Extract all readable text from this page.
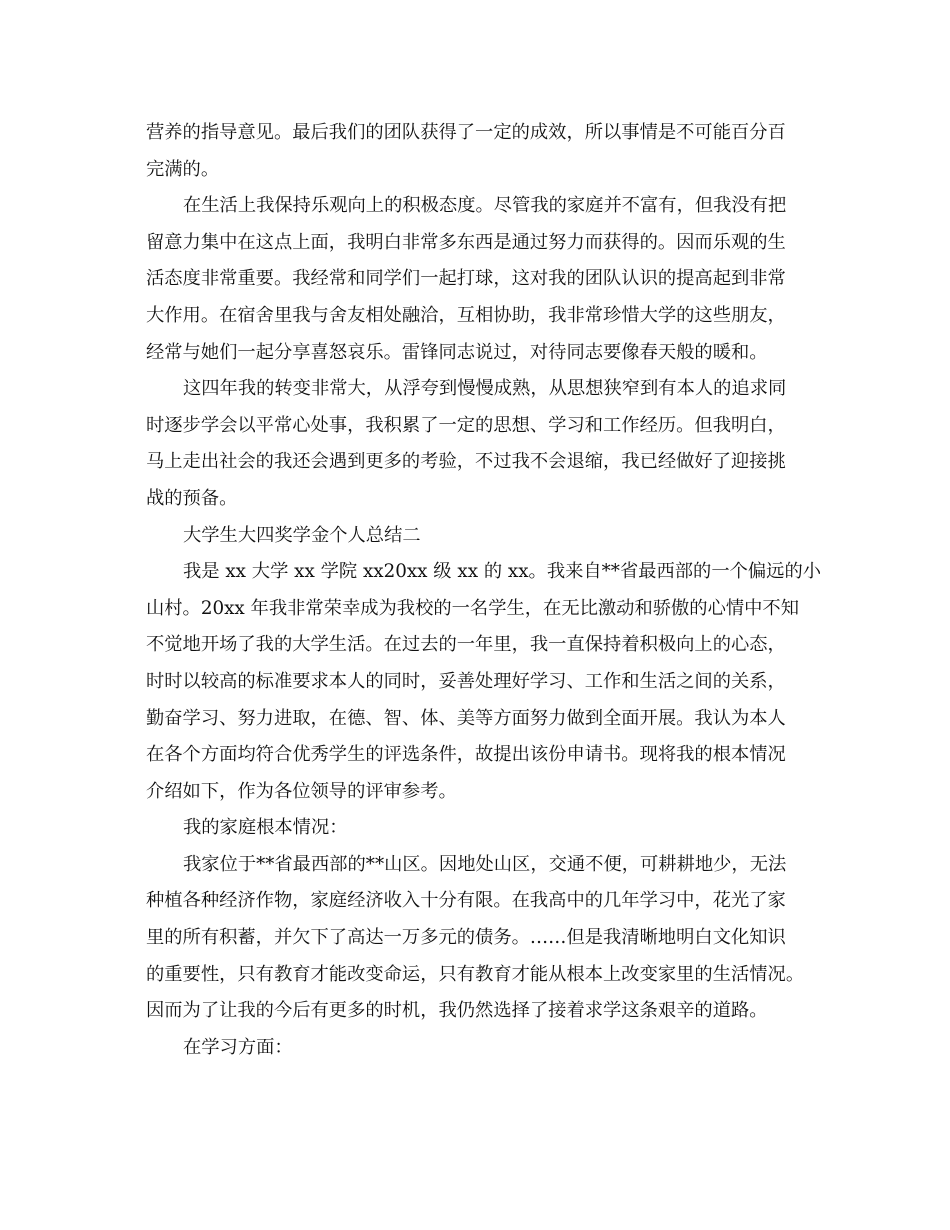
营养的指导意见。最后我们的团队获得了一定的成效，所以事情是不可能百分百
完满的。

在生活上我保持乐观向上的积极态度。尽管我的家庭并不富有，但我没有把
留意力集中在这点上面，我明白非常多东西是通过努力而获得的。因而乐观的生
活态度非常重要。我经常和同学们一起打球，这对我的团队认识的提高起到非常
大作用。在宿舍里我与舍友相处融洽，互相协助，我非常珍惜大学的这些朋友，
经常与她们一起分享喜怒哀乐。雷锋同志说过，对待同志要像春天般的暖和。

这四年我的转变非常大，从浮夸到慢慢成熟，从思想狭窄到有本人的追求同
时逐步学会以平常心处事，我积累了一定的思想、学习和工作经历。但我明白，
马上走出社会的我还会遇到更多的考验，不过我不会退缩，我已经做好了迎接挑
战的预备。

大学生大四奖学金个人总结二

我是 xx 大学 xx 学院 xx20xx 级 xx 的 xx。我来自**省最西部的一个偏远的小
山村。20xx 年我非常荣幸成为我校的一名学生，在无比激动和骄傲的心情中不知
不觉地开场了我的大学生活。在过去的一年里，我一直保持着积极向上的心态，
时时以较高的标准要求本人的同时，妥善处理好学习、工作和生活之间的关系，
勤奋学习、努力进取，在德、智、体、美等方面努力做到全面开展。我认为本人
在各个方面均符合优秀学生的评选条件，故提出该份申请书。现将我的根本情况
介绍如下，作为各位领导的评审参考。

我的家庭根本情况：

我家位于**省最西部的**山区。因地处山区，交通不便，可耕耕地少，无法
种植各种经济作物，家庭经济收入十分有限。在我高中的几年学习中，花光了家
里的所有积蓄，并欠下了高达一万多元的债务。……但是我清晰地明白文化知识
的重要性，只有教育才能改变命运，只有教育才能从根本上改变家里的生活情况。
因而为了让我的今后有更多的时机，我仍然选择了接着求学这条艰辛的道路。

在学习方面：
